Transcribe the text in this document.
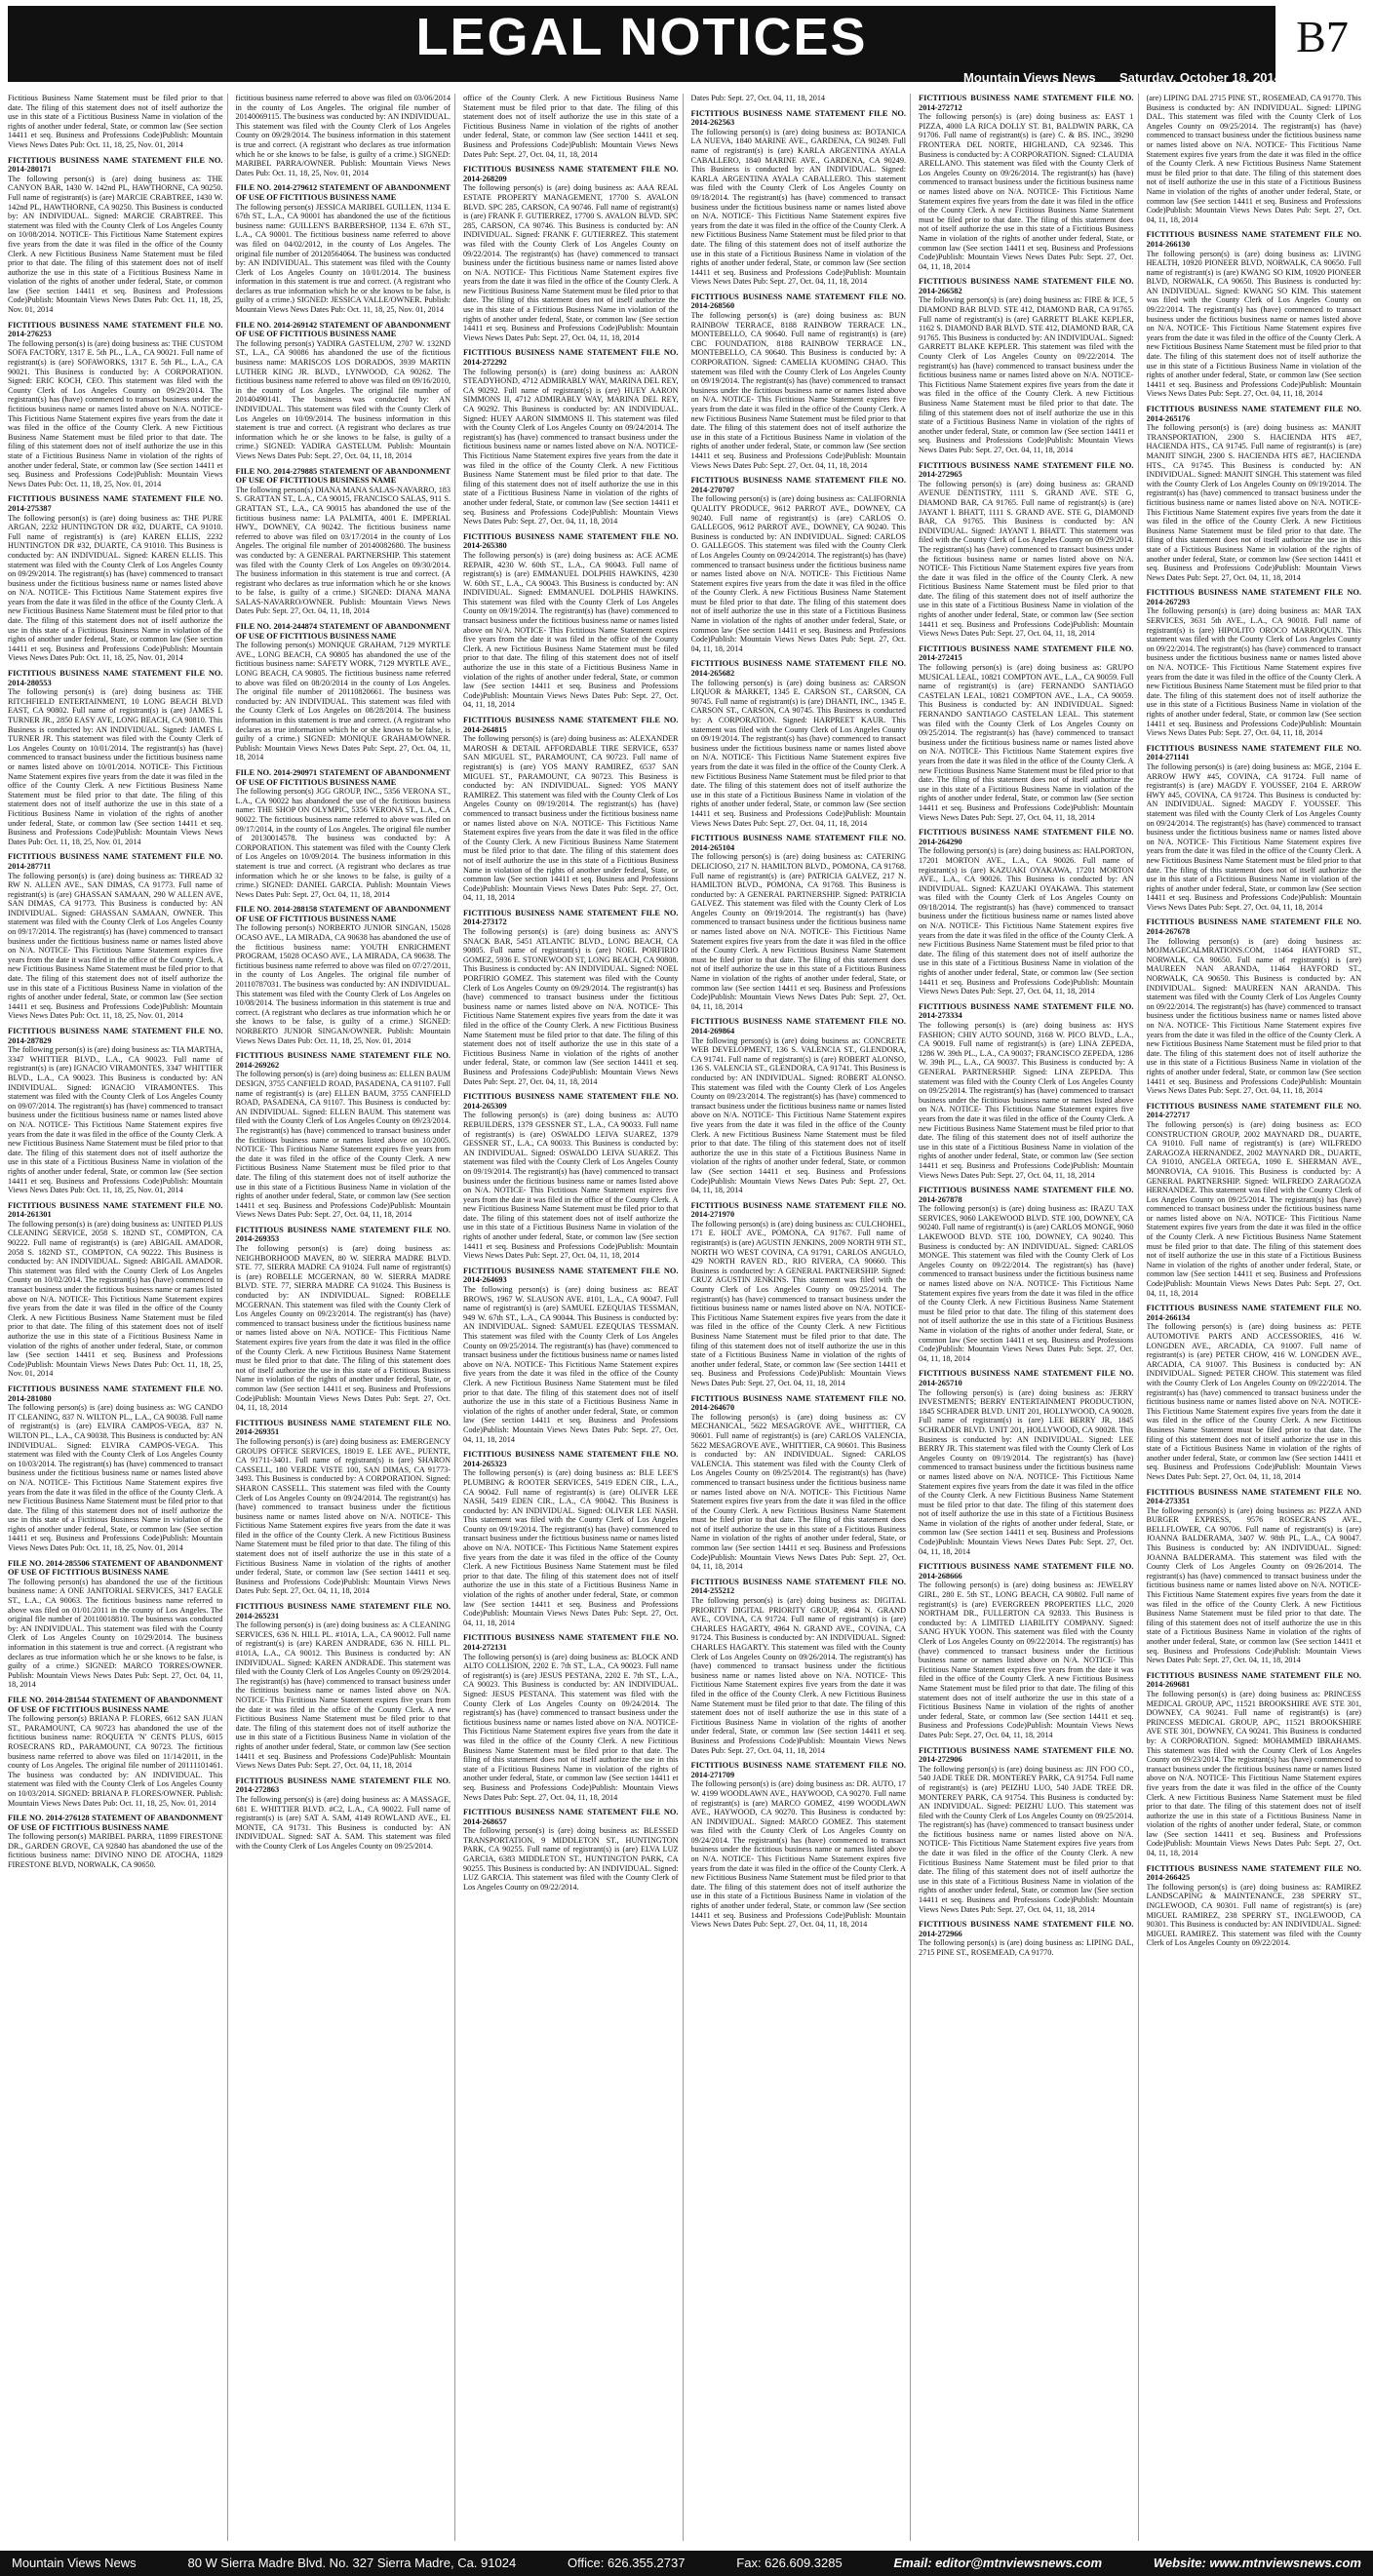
LEGAL NOTICES	B7
Mountain Views News Saturday, October 18, 2014
Fictitious Business Name Statement must be filed prior to that date. The filing of this statement does not of itself authorize the use in this state of a Fictitious Business Name in violation of the rights of another under federal, State, or common law (See section 14411 et seq. Business and Professions Code)Publish: Mountain Views News Dates Pub: Oct. 11, 18, 25, Nov. 01, 2014
FICTITIOUS BUSINESS NAME STATEMENT FILE NO. 2014-280171
The following person(s) is (are) doing business as: THE CANYON BAR, 1430 W. 142nd PL, HAWTHORNE, CA 90250. Full name of registrant(s) is (are) MARCIE CRABTREE, 1430 W. 142nd PL, HAWTHORNE, CA 90250. This Business is conducted by: AN INDIVIDUAL. Signed: MARCIE CRABTREE. This statement was filed with the County Clerk of Los Angeles County on 10/08/2014. NOTICE- This Fictitious Name Statement expires five years from the date it was filed in the office of the County Clerk. A new Fictitious Business Name Statement must be filed prior to that date. The filing of this statement does not of itself authorize the use in this state of a Fictitious Business Name in violation of the rights of another under federal, State, or common law (See section 14411 et seq. Business and Professions Code)Publish: Mountain Views News Dates Pub: Oct. 11, 18, 25, Nov. 01, 2014
FICTITIOUS BUSINESS NAME STATEMENT FILE NO. 2014-276253
The following person(s) is (are) doing business as: THE CUSTOM SOFA FACTORY, 1317 E. 5th PL., L.A., CA 90021. Full name of registrant(s) is (are) SOFAWORKS, 1317 E. 5th PL., L.A., CA 90021. This Business is conducted by: A CORPORATION. Signed: ERIC KOCH, CEO. This statement was filed with the County Clerk of Los Angeles County on 09/29/2014. The registrant(s) has (have) commenced to transact business under the fictitious business name or names listed above on N/A. NOTICE- This Fictitious Name Statement expires five years from the date it was filed in the office of the County Clerk. A new Fictitious Business Name Statement must be filed prior to that date. The filing of this statement does not of itself authorize the use in this state of a Fictitious Business Name in violation of the rights of another under federal, State, or common law (See section 14411 et seq. Business and Professions Code)Publish: Mountain Views News Dates Pub: Oct. 11, 18, 25, Nov. 01, 2014
FICTITIOUS BUSINESS NAME STATEMENT FILE NO. 2014-275387
The following person(s) is (are) doing business as: THE PURE ARGAN, 2232 HUNTINGTON DR #32, DUARTE, CA 91010. Full name of registrant(s) is (are) KAREN ELLIS, 2232 HUNTINGTON DR #32, DUARTE, CA 91010. This Business is conducted by: AN INDIVIDUAL. Signed: KAREN ELLIS. This statement was filed with the County Clerk of Los Angeles County on 09/29/2014. The registrant(s) has (have) commenced to transact business under the fictitious business name or names listed above on N/A. NOTICE- This Fictitious Name Statement expires five years from the date it was filed in the office of the County Clerk. A new Fictitious Business Name Statement must be filed prior to that date. The filing of this statement does not of itself authorize the use in this state of a Fictitious Business Name in violation of the rights of another under federal, State, or common law (See section 14411 et seq. Business and Professions Code)Publish: Mountain Views News Dates Pub: Oct. 11, 18, 25, Nov. 01, 2014
FICTITIOUS BUSINESS NAME STATEMENT FILE NO. 2014-280553
The following person(s) is (are) doing business as: THE RITCHFIELD ENTERTAINMENT, 10 LONG BEACH BLVD EAST, CA 90802. Full name of registrant(s) is (are) JAMES L TURNER JR., 2850 EASY AVE, LONG BEACH, CA 90810. This Business is conducted by: AN INDIVIDUAL. Signed: JAMES L TURNER JR. This statement was filed with the County Clerk of Los Angeles County on 10/01/2014. The registrant(s) has (have) commenced to transact business under the fictitious business name or names listed above on 10/01/2014. NOTICE- This Fictitious Name Statement expires five years from the date it was filed in the office of the County Clerk. A new Fictitious Business Name Statement must be filed prior to that date. The filing of this statement does not of itself authorize the use in this state of a Fictitious Business Name in violation of the rights of another under federal, State, or common law (See section 14411 et seq. Business and Professions Code)Publish: Mountain Views News Dates Pub: Oct. 11, 18, 25, Nov. 01, 2014
FICTITIOUS BUSINESS NAME STATEMENT FILE NO. 2014-287711
The following person(s) is (are) doing business as: THREAD 32 RW N. ALLEN AVE., SAN DIMAS, CA 91773. Full name of registrant(s) is (are) GHASSAN SAMAAN, 290 W ALLEN AVE, SAN DIMAS, CA 91773. This Business is conducted by: AN INDIVIDUAL. Signed: GHASSAN SAMAAN, OWNER. This statement was filed with the County Clerk of Los Angeles County on 09/17/2014. The registrant(s) has (have) commenced to transact business under the fictitious business name or names listed above on N/A. NOTICE- This Fictitious Name Statement expires five years from the date it was filed in the office of the County Clerk. A new Fictitious Business Name Statement must be filed prior to that date. The filing of this statement does not of itself authorize the use in this state of a Fictitious Business Name in violation of the rights of another under federal, State, or common law (See section 14411 et seq. Business and Professions Code)Publish: Mountain Views News Dates Pub: Oct. 11, 18, 25, Nov. 01, 2014
FICTITIOUS BUSINESS NAME STATEMENT FILE NO. 2014-287829
The following person(s) is (are) doing business as: TIA MARTHA, 3347 WHITTIER BLVD., L.A., CA 90023. Full name of registrant(s) is (are) IGNACIO VIRAMONTES, 3347 WHITTIER BLVD., L.A., CA 90023. This Business is conducted by: AN INDIVIDUAL. Signed: IGNACIO VIRAMONTES. This statement was filed with the County Clerk of Los Angeles County on 09/07/2014. The registrant(s) has (have) commenced to transact business under the fictitious business name or names listed above on N/A. NOTICE- This Fictitious Name Statement expires five years from the date it was filed in the office of the County Clerk. A new Fictitious Business Name Statement must be filed prior to that date. The filing of this statement does not of itself authorize the use in this state of a Fictitious Business Name in violation of the rights of another under federal, State, or common law (See section 14411 et seq. Business and Professions Code)Publish: Mountain Views News Dates Pub: Oct. 11, 18, 25, Nov. 01, 2014
FICTITIOUS BUSINESS NAME STATEMENT FILE NO. 2014-261301
The following person(s) is (are) doing business as: UNITED PLUS CLEANING SERVICE, 2058 S. 182ND ST., COMPTON, CA 90222. Full name of registrant(s) is (are) ABIGAIL AMADOR, 2058 S. 182ND ST., COMPTON, CA 90222. This Business is conducted by: AN INDIVIDUAL. Signed: ABIGAIL AMADOR. This statement was filed with the County Clerk of Los Angeles County on 10/02/2014. The registrant(s) has (have) commenced to transact business under the fictitious business name or names listed above on N/A. NOTICE- This Fictitious Name Statement expires five years from the date it was filed in the office of the County Clerk. A new Fictitious Business Name Statement must be filed prior to that date. The filing of this statement does not of itself authorize the use in this state of a Fictitious Business Name in violation of the rights of another under federal, State, or common law (See section 14411 et seq. Business and Professions Code)Publish: Mountain Views News Dates Pub: Oct. 11, 18, 25, Nov. 01, 2014
FICTITIOUS BUSINESS NAME STATEMENT FILE NO. 2014-281080
The following person(s) is (are) doing business as: WG CANDO IT CLEANING, 837 N. WILTON PL., L.A., CA 90038. Full name of registrant(s) is (are) ELVIRA CAMPOS-VEGA, 837 N. WILTON PL., L.A., CA 90038. This Business is conducted by: AN INDIVIDUAL. Signed: ELVIRA CAMPOS-VEGA. This statement was filed with the County Clerk of Los Angeles County on 10/03/2014. The registrant(s) has (have) commenced to transact business under the fictitious business name or names listed above on N/A. NOTICE- This Fictitious Name Statement expires five years from the date it was filed in the office of the County Clerk. A new Fictitious Business Name Statement must be filed prior to that date. The filing of this statement does not of itself authorize the use in this state of a Fictitious Business Name in violation of the rights of another under federal, State, or common law (See section 14411 et seq. Business and Professions Code)Publish: Mountain Views News Dates Pub: Oct. 11, 18, 25, Nov. 01, 2014
FILE NO. 2014-285506 STATEMENT OF ABANDONMENT OF USE OF FICTITIOUS BUSINESS NAME
The following person(s) has abandoned the use of the fictitious business name: A ONE JANITORIAL SERVICES, 3417 EAGLE ST., L.A., CA 90063. The fictitious business name referred to above was filed on 01/01/2011 in the county of Los Angeles. The original file number of 20110018810. The business was conducted by: AN INDIVIDUAL. This statement was filed with the County Clerk of Los Angeles County on 10/29/2014. The business information in this statement is true and correct. (A registrant who declares as true information which he or she knows to be false, is guilty of a crime.) SIGNED: MARCO TORRES/OWNER. Publish: Mountain Views News Dates Pub: Sept. 27, Oct. 04, 11, 18, 2014
FILE NO. 2014-281544 STATEMENT OF ABANDONMENT OF USE OF FICTITIOUS BUSINESS NAME
The following person(s) BRIANA P. FLORES, 6612 SAN JUAN ST., PARAMOUNT, CA 90723 has abandoned the use of the fictitious business name: ROQUETA 'N' CENTS PLUS, 6015 ROSECRANS RD., PARAMOUNT, CA 90723. The fictitious business name referred to above was filed on 11/14/2011, in the county of Los Angeles. The original file number of 20111101461. The business was conducted by: AN INDIVIDUAL. This statement was filed with the County Clerk of Los Angeles County on 10/03/2014. SIGNED: BRIANA P. FLORES/OWNER. Publish: Mountain Views News Dates Pub: Oct. 11, 18, 25, Nov. 01, 2014
FILE NO. 2014-276128 STATEMENT OF ABANDONMENT OF USE OF FICTITIOUS BUSINESS NAME
The following person(s) MARIBEL PARRA, 11899 FIRESTONE DR., GARDEN GROVE, CA 92840 has abandoned the use of the fictitious business name: DIVINO NINO DE ATOCHA, 11829 FIRESTONE BLVD, NORWALK, CA 90650.
fictitious business name referred to above was filed on 03/06/2014 in the county of Los Angeles. The original file number of 20140069115. The business was conducted by: AN INDIVIDUAL. This statement was filed with the County Clerk of Los Angeles County on 09/29/2014. The business information in this statement is true and correct. (A registrant who declares as true information which he or she knows to be false, is guilty of a crime.) SIGNED: MARIBEL PARRA/OWNER. Publish: Mountain Views News Dates Pub: Oct. 11, 18, 25, Nov. 01, 2014
FILE NO. 2014-279612 STATEMENT OF ABANDONMENT OF USE OF FICTITIOUS BUSINESS NAME
The following person(s) JESSICA MARIBEL GUILLEN, 1134 E. 67th ST., L.A., CA 90001 has abandoned the use of the fictitious business name: GUILLEN'S BARBERSHOP, 1134 E. 67th ST., L.A., CA 90001. The fictitious business name referred to above was filed on 04/02/2012, in the county of Los Angeles. The original file number of 20120564064. The business was conducted by: AN INDIVIDUAL. This statement was filed with the County Clerk of Los Angeles County on 10/01/2014. The business information in this statement is true and correct. (A registrant who declares as true information which he or she knows to be false, is guilty of a crime.) SIGNED: JESSICA VALLE/OWNER. Publish: Mountain Views News Dates Pub: Oct. 11, 18, 25, Nov. 01, 2014
FILE NO. 2014-269142 STATEMENT OF ABANDONMENT OF USE OF FICTITIOUS BUSINESS NAME
The following person(s) YADIRA GASTELUM, 2707 W. 132ND ST., L.A., CA 90086 has abandoned the use of the fictitious business name: MARISCOS LOS DORADOS, 3939 MARTIN LUTHER KING JR. BLVD., LYNWOOD, CA 90262. The fictitious business name referred to above was filed on 09/16/2010, in the county of Los Angeles. The original file number of 20140490141. The business was conducted by: AN INDIVIDUAL. This statement was filed with the County Clerk of Los Angeles on 10/09/2014. The business information in this statement is true and correct. (A registrant who declares as true information which he or she knows to be false, is guilty of a crime.) SIGNED: YADIRA GASTELUM. Publish: Mountain Views News Dates Pub: Sept. 27, Oct. 04, 11, 18, 2014
FILE NO. 2014-279885 STATEMENT OF ABANDONMENT OF USE OF FICTITIOUS BUSINESS NAME
The following person(s) DIANA MANA SALAS-NAVARRO, 183 S. GRATTAN ST., L.A., CA 90015, FRANCISCO SALAS, 911 S. GRATTAN ST., L.A., CA 90015 has abandoned the use of the fictitious business name: LA PALMITA, 4001 E. IMPERIAL HWY., DOWNEY, CA 90242. The fictitious business name referred to above was filed on 03/17/2014 in the county of Los Angeles. The original file number of 20140082680. The business was conducted by: A GENERAL PARTNERSHIP. This statement was filed with the County Clerk of Los Angeles on 09/30/2014. The business information in this statement is true and correct. (A registrant who declares as true information which he or she knows to be false, is guilty of a crime.) SIGNED: DIANA MANA SALAS-NAVARRO/OWNER. Publish: Mountain Views News Dates Pub: Sept. 27, Oct. 04, 11, 18, 2014
FILE NO. 2014-244874 STATEMENT OF ABANDONMENT OF USE OF FICTITIOUS BUSINESS NAME
The following person(s) MONIQUE GRAHAM, 7129 MYRTLE AVE., LONG BEACH, CA 90805 has abandoned the use of the fictitious business name: SAFETY WORK, 7129 MYRTLE AVE., LONG BEACH, CA 90805. The fictitious business name referred to above was filed on 08/20/2014 in the county of Los Angeles. The original file number of 20110820661. The business was conducted by: AN INDIVIDUAL. This statement was filed with the County Clerk of Los Angeles on 08/28/2014. The business information in this statement is true and correct. (A registrant who declares as true information which he or she knows to be false, is guilty of a crime.) SIGNED: MONIQUE GRAHAM/OWNER. Publish: Mountain Views News Dates Pub: Sept. 27, Oct. 04, 11, 18, 2014
FILE NO. 2014-290971 STATEMENT OF ABANDONMENT OF USE OF FICTITIOUS BUSINESS NAME
The following person(s) JGG GROUP, INC., 5356 VERONA ST., L.A., CA 90022 has abandoned the use of the fictitious business name: THE SHOP ON OLYMPIC, 5356 VERONA ST., L.A., CA 90022. The fictitious business name referred to above was filed on 09/17/2014, in the county of Los Angeles. The original file number of 20130014578. The business was conducted by: A CORPORATION. This statement was filed with the County Clerk of Los Angeles on 10/09/2014. The business information in this statement is true and correct. (A registrant who declares as true information which he or she knows to be false, is guilty of a crime.) SIGNED: DANIEL GARCIA. Publish: Mountain Views News Dates Pub: Sept. 27, Oct. 04, 11, 18, 2014
FILE NO. 2014-288158 STATEMENT OF ABANDONMENT OF USE OF FICTITIOUS BUSINESS NAME
The following person(s) NORBERTO JUNIOR SINGAN, 15028 OCASO AVE., LA MIRADA, CA 90638 has abandoned the use of the fictitious business name: YOUTH ENRICHMENT PROGRAM, 15028 OCASO AVE., LA MIRADA, CA 90638. The fictitious business name referred to above was filed on 07/27/2011, in the county of Los Angeles. The original file number of 20110787031. The business was conducted by: AN INDIVIDUAL. This statement was filed with the County Clerk of Los Angeles on 10/08/2014. The business information in this statement is true and correct. (A registrant who declares as true information which he or she knows to be false, is guilty of a crime.) SIGNED: NORBERTO JUNIOR SINGAN/OWNER. Publish: Mountain Views News Dates Pub: Oct. 11, 18, 25, Nov. 01, 2014
FICTITIOUS BUSINESS NAME STATEMENT FILE NO. 2014-269262
The following person(s) is (are) doing business as: ELLEN BAUM DESIGN, 3755 CANFIELD ROAD, PASADENA, CA 91107. Full name of registrant(s) is (are) ELLEN BAUM, 3755 CANFIELD ROAD, PASADENA, CA 91107. This Business is conducted by: AN INDIVIDUAL. Signed: ELLEN BAUM. This statement was filed with the County Clerk of Los Angeles County on 09/23/2014. The registrant(s) has (have) commenced to transact business under the fictitious business name or names listed above on 10/2005. NOTICE- This Fictitious Name Statement expires five years from the date it was filed in the office of the County Clerk. A new Fictitious Business Name Statement must be filed prior to that date. The filing of this statement does not of itself authorize the use in this state of a Fictitious Business Name in violation of the rights of another under federal, State, or common law (See section 14411 et seq. Business and Professions Code)Publish: Mountain Views News Dates Pub: Sept. 27, Oct. 04, 11, 18, 2014
FICTITIOUS BUSINESS NAME STATEMENT FILE NO. 2014-269353
The following person(s) is (are) doing business as: NEIGHBORHOOD MAVEN, 80 W. SIERRA MADRE BLVD. STE. 77, SIERRA MADRE CA 91024. Full name of registrant(s) is (are) ROBELLE MCGERNAN, 80 W. SIERRA MADRE BLVD. STE. 77, SIERRA MADRE CA 91024. This Business is conducted by: AN INDIVIDUAL. Signed: ROBELLE MCGERNAN. This statement was filed with the County Clerk of Los Angeles County on 09/23/2014. The registrant(s) has (have) commenced to transact business under the fictitious business name or names listed above on N/A. NOTICE- This Fictitious Name Statement expires five years from the date it was filed in the office of the County Clerk. A new Fictitious Business Name Statement must be filed prior to that date. The filing of this statement does not of itself authorize the use in this state of a Fictitious Business Name in violation of the rights of another under federal, State, or common law (See section 14411 et seq. Business and Professions Code)Publish: Mountain Views News Dates Pub: Sept. 27, Oct. 04, 11, 18, 2014
FICTITIOUS BUSINESS NAME STATEMENT FILE NO. 2014-269351
The following person(s) is (are) doing business as: EMERGENCY GROUPS OFFICE SERVICES, 18019 E. LEE AVE., PUENTE, CA 91711-3401. Full name of registrant(s) is (are) SHARON CASSELL, 180 VERDE VISTE 100, SAN DIMAS, CA 91773-3493. This Business is conducted by: A CORPORATION. Signed: SHARON CASSELL. This statement was filed with the County Clerk of Los Angeles County on 09/24/2014. The registrant(s) has (have) commenced to transact business under the fictitious business name or names listed above on N/A. NOTICE- This Fictitious Name Statement expires five years from the date it was filed in the office of the County Clerk. A new Fictitious Business Name Statement must be filed prior to that date. The filing of this statement does not of itself authorize the use in this state of a Fictitious Business Name in violation of the rights of another under federal, State, or common law (See section 14411 et seq. Business and Professions Code)Publish: Mountain Views News Dates Pub: Sept. 27, Oct. 04, 11, 18, 2014
FICTITIOUS BUSINESS NAME STATEMENT FILE NO. 2014-265231
The following person(s) is (are) doing business as: A CLEANING SERVICES, 636 N. HILL PL. #101A, L.A., CA 90012. Full name of registrant(s) is (are) KAREN ANDRADE, 636 N. HILL PL. #101A, L.A., CA 90012. This Business is conducted by: AN INDIVIDUAL. Signed: KAREN ANDRADE. This statement was filed with the County Clerk of Los Angeles County on 09/29/2014. The registrant(s) has (have) commenced to transact business under the fictitious business name or names listed above on N/A. NOTICE- This Fictitious Name Statement expires five years from the date it was filed in the office of the County Clerk. A new Fictitious Business Name Statement must be filed prior to that date. The filing of this statement does not of itself authorize the use in this state of a Fictitious Business Name in violation of the rights of another under federal, State, or common law (See section 14411 et seq. Business and Professions Code)Publish: Mountain Views News Dates Pub: Sept. 27, Oct. 04, 11, 18, 2014
FICTITIOUS BUSINESS NAME STATEMENT FILE NO. 2014-272863
The following person(s) is (are) doing business as: A MASSAGE, 681 E. WHITTIER BLVD. #C2, L.A., CA 90022. Full name of registrant(s) is (are) SAT A. SAM, 4149 ROWLAND AVE., EL MONTE, CA 91731. This Business is conducted by: AN INDIVIDUAL. Signed: SAT A. SAM. This statement was filed with the County Clerk of Los Angeles County on 09/25/2014.
office of the County Clerk. A new Fictitious Business Name Statement must be filed prior to that date. The filing of this statement does not of itself authorize the use in this state of a Fictitious Business Name in violation of the rights of another under federal, State, or common law (See section 14411 et seq. Business and Professions Code)Publish: Mountain Views News Dates Pub: Sept. 27, Oct. 04, 11, 18, 2014
FICTITIOUS BUSINESS NAME STATEMENT FILE NO. 2014-268209
The following person(s) is (are) doing business as: AAA REAL ESTATE PROPERTY MANAGEMENT, 17700 S. AVALON BLVD. SPC 285, CARSON, CA 90746. Full name of registrant(s) is (are) FRANK F. GUTIERREZ, 17700 S. AVALON BLVD. SPC 285, CARSON, CA 90746. This Business is conducted by: AN INDIVIDUAL. Signed: FRANK F. GUTIERREZ. This statement was filed with the County Clerk of Los Angeles County on 09/22/2014. The registrant(s) has (have) commenced to transact business under the fictitious business name or names listed above on N/A. NOTICE- This Fictitious Name Statement expires five years from the date it was filed in the office of the County Clerk. A new Fictitious Business Name Statement must be filed prior to that date. The filing of this statement does not of itself authorize the use in this state of a Fictitious Business Name in violation of the rights of another under federal, State, or common law (See section 14411 et seq. Business and Professions Code)Publish: Mountain Views News Dates Pub: Sept. 27, Oct. 04, 11, 18, 2014
FICTITIOUS BUSINESS NAME STATEMENT FILE NO. 2014-272292
The following person(s) is (are) doing business as: AARON STEADYHOND, 4712 ADMIRABLY WAY, MARINA DEL REY, CA 90292. Full name of registrant(s) is (are) HUEY AARON SIMMONS II, 4712 ADMIRABLY WAY, MARINA DEL REY, CA 90292. This Business is conducted by: AN INDIVIDUAL. Signed: HUEY AARON SIMMONS II. This statement was filed with the County Clerk of Los Angeles County on 09/24/2014. The registrant(s) has (have) commenced to transact business under the fictitious business name or names listed above on N/A. NOTICE- This Fictitious Name Statement expires five years from the date it was filed in the office of the County Clerk. A new Fictitious Business Name Statement must be filed prior to that date. The filing of this statement does not of itself authorize the use in this state of a Fictitious Business Name in violation of the rights of another under federal, State, or common law (See section 14411 et seq. Business and Professions Code)Publish: Mountain Views News Dates Pub: Sept. 27, Oct. 04, 11, 18, 2014
FICTITIOUS BUSINESS NAME STATEMENT FILE NO. 2014-265380
The following person(s) is (are) doing business as: ACE ACME REPAIR, 4230 W. 60th ST., L.A., CA 90043. Full name of registrant(s) is (are) EMMANUEL DOLPHIS HAWKINS, 4230 W. 60th ST., L.A., CA 90043. This Business is conducted by: AN INDIVIDUAL. Signed: EMMANUEL DOLPHIS HAWKINS. This statement was filed with the County Clerk of Los Angeles County on 09/19/2014. The registrant(s) has (have) commenced to transact business under the fictitious business name or names listed above on N/A. NOTICE- This Fictitious Name Statement expires five years from the date it was filed in the office of the County Clerk. A new Fictitious Business Name Statement must be filed prior to that date. The filing of this statement does not of itself authorize the use in this state of a Fictitious Business Name in violation of the rights of another under federal, State, or common law (See section 14411 et seq. Business and Professions Code)Publish: Mountain Views News Dates Pub: Sept. 27, Oct. 04, 11, 18, 2014
FICTITIOUS BUSINESS NAME STATEMENT FILE NO. 2014-264815
The following person(s) is (are) doing business as: ALEXANDER MAROSH & DETAIL AFFORDABLE TIRE SERVICE, 6537 SAN MIGUEL ST., PARAMOUNT, CA 90723. Full name of registrant(s) is (are) YOS MANY RAMIREZ, 6537 SAN MIGUEL ST., PARAMOUNT, CA 90723. This Business is conducted by: AN INDIVIDUAL. Signed: YOS MANY RAMIREZ. This statement was filed with the County Clerk of Los Angeles County on 09/19/2014. The registrant(s) has (have) commenced to transact business under the fictitious business name or names listed above on N/A. NOTICE- This Fictitious Name Statement expires five years from the date it was filed in the office of the County Clerk. A new Fictitious Business Name Statement must be filed prior to that date. The filing of this statement does not of itself authorize the use in this state of a Fictitious Business Name in violation of the rights of another under federal, State, or common law (See section 14411 et seq. Business and Professions Code)Publish: Mountain Views News Dates Pub: Sept. 27, Oct. 04, 11, 18, 2014
FICTITIOUS BUSINESS NAME STATEMENT FILE NO. 2014-273172
The following person(s) is (are) doing business as: ANY'S SNACK BAR, 5451 ATLANTIC BLVD., LONG BEACH, CA 90805. Full name of registrant(s) is (are) NOEL PORFIRIO GOMEZ, 5936 E. STONEWOOD ST, LONG BEACH, CA 90808. This Business is conducted by: AN INDIVIDUAL. Signed: NOEL PORFIRIO GOMEZ. This statement was filed with the County Clerk of Los Angeles County on 09/29/2014. The registrant(s) has (have) commenced to transact business under the fictitious business name or names listed above on N/A. NOTICE- This Fictitious Name Statement expires five years from the date it was filed in the office of the County Clerk. A new Fictitious Business Name Statement must be filed prior to that date. The filing of this statement does not of itself authorize the use in this state of a Fictitious Business Name in violation of the rights of another under federal, State, or common law (See section 14411 et seq. Business and Professions Code)Publish: Mountain Views News Dates Pub: Sept. 27, Oct. 04, 11, 18, 2014
FICTITIOUS BUSINESS NAME STATEMENT FILE NO. 2014-265309
The following person(s) is (are) doing business as: AUTO REBUILDERS, 1379 GESSNER ST., L.A., CA 90033. Full name of registrant(s) is (are) OSWALDO LEIVA SUAREZ, 1379 GESSNER ST., L.A., CA 90033. This Business is conducted by: AN INDIVIDUAL. Signed: OSWALDO LEIVA SUAREZ. This statement was filed with the County Clerk of Los Angeles County on 09/19/2014. The registrant(s) has (have) commenced to transact business under the fictitious business name or names listed above on N/A. NOTICE- This Fictitious Name Statement expires five years from the date it was filed in the office of the County Clerk. A new Fictitious Business Name Statement must be filed prior to that date. The filing of this statement does not of itself authorize the use in this state of a Fictitious Business Name in violation of the rights of another under federal, State, or common law (See section 14411 et seq. Business and Professions Code)Publish: Mountain Views News Dates Pub: Sept. 27, Oct. 04, 11, 18, 2014
FICTITIOUS BUSINESS NAME STATEMENT FILE NO. 2014-264693
The following person(s) is (are) doing business as: BEAT BROWS, 1967 W. SLAUSON AVE. #101, L.A., CA 90047. Full name of registrant(s) is (are) SAMUEL EZEQUIAS TESSMAN, 949 W. 67th ST., L.A., CA 90044. This Business is conducted by: AN INDIVIDUAL. Signed: SAMUEL EZEQUIAS TESSMAN. This statement was filed with the County Clerk of Los Angeles County on 09/25/2014. The registrant(s) has (have) commenced to transact business under the fictitious business name or names listed above on N/A. NOTICE- This Fictitious Name Statement expires five years from the date it was filed in the office of the County Clerk. A new Fictitious Business Name Statement must be filed prior to that date. The filing of this statement does not of itself authorize the use in this state of a Fictitious Business Name in violation of the rights of another under federal, State, or common law (See section 14411 et seq. Business and Professions Code)Publish: Mountain Views News Dates Pub: Sept. 27, Oct. 04, 11, 18, 2014
FICTITIOUS BUSINESS NAME STATEMENT FILE NO. 2014-265323
The following person(s) is (are) doing business as: BLE LEE'S PLUMBING & ROOTER SERVICES, 5419 EDEN CIR., L.A., CA 90042. Full name of registrant(s) is (are) OLIVER LEE NASH, 5419 EDEN CIR., L.A., CA 90042. This Business is conducted by: AN INDIVIDUAL. Signed: OLIVER LEE NASH. This statement was filed with the County Clerk of Los Angeles County on 09/19/2014. The registrant(s) has (have) commenced to transact business under the fictitious business name or names listed above on N/A. NOTICE- This Fictitious Name Statement expires five years from the date it was filed in the office of the County Clerk. A new Fictitious Business Name Statement must be filed prior to that date. The filing of this statement does not of itself authorize the use in this state of a Fictitious Business Name in violation of the rights of another under federal, State, or common law (See section 14411 et seq. Business and Professions Code)Publish: Mountain Views News Dates Pub: Sept. 27, Oct. 04, 11, 18, 2014
FICTITIOUS BUSINESS NAME STATEMENT FILE NO. 2014-272131
The following person(s) is (are) doing business as: BLOCK AND ALTO COLLISION, 2202 E. 7th ST., L.A., CA 90023. Full name of registrant(s) is (are) JESUS PESTANA, 2202 E. 7th ST., L.A., CA 90023. This Business is conducted by: AN INDIVIDUAL. Signed: JESUS PESTANA. This statement was filed with the County Clerk of Los Angeles County on 09/24/2014. The registrant(s) has (have) commenced to transact business under the fictitious business name or names listed above on N/A. NOTICE- This Fictitious Name Statement expires five years from the date it was filed in the office of the County Clerk. A new Fictitious Business Name Statement must be filed prior to that date. The filing of this statement does not of itself authorize the use in this state of a Fictitious Business Name in violation of the rights of another under federal, State, or common law (See section 14411 et seq. Business and Professions Code)Publish: Mountain Views News Dates Pub: Sept. 27, Oct. 04, 11, 18, 2014
FICTITIOUS BUSINESS NAME STATEMENT FILE NO. 2014-268657
The following person(s) is (are) doing business as: BLESSED TRANSPORTATION, 9 MIDDLETON ST., HUNTINGTON PARK, CA 90255. Full name of registrant(s) is (are) ELVA LUZ GARCIA, 6383 MIDDLETON ST., HUNTINGTON PARK, CA 90255. This Business is conducted by: AN INDIVIDUAL. Signed: LUZ GARCIA. This statement was filed with the County Clerk of Los Angeles County on 09/22/2014.
Dates Pub: Sept. 27, Oct. 04, 11, 18, 2014
FICTITIOUS BUSINESS NAME STATEMENT FILE NO. 2014-262563
The following person(s) is (are) doing business as: BOTANICA LA NUEVA, 1840 MARINE AVE., GARDENA, CA 90249. Full name of registrant(s) is (are) KARLA ARGENTINA AYALA CABALLERO, 1840 MARINE AVE., GARDENA, CA 90249. This Business is conducted by: AN INDIVIDUAL. Signed: KARLA ARGENTINA AYALA CABALLERO. This statement was filed with the County Clerk of Los Angeles County on 09/18/2014. The registrant(s) has (have) commenced to transact business under the fictitious business name or names listed above on N/A. NOTICE- This Fictitious Name Statement expires five years from the date it was filed in the office of the County Clerk. A new Fictitious Business Name Statement must be filed prior to that date. The filing of this statement does not of itself authorize the use in this state of a Fictitious Business Name in violation of the rights of another under federal, State, or common law (See section 14411 et seq. Business and Professions Code)Publish: Mountain Views News Dates Pub: Sept. 27, Oct. 04, 11, 18, 2014
FICTITIOUS BUSINESS NAME STATEMENT FILE NO. 2014-268560
The following person(s) is (are) doing business as: BUN RAINBOW TERRACE, 8188 RAINBOW TERRACE LN., MONTEBELLO, CA 90640. Full name of registrant(s) is (are) CBC FOUNDATION, 8188 RAINBOW TERRACE LN., MONTEBELLO, CA 90640. This Business is conducted by: A CORPORATION. Signed: CAMELIA KUOMING CHAO. This statement was filed with the County Clerk of Los Angeles County on 09/19/2014. The registrant(s) has (have) commenced to transact business under the fictitious business name or names listed above on N/A. NOTICE- This Fictitious Name Statement expires five years from the date it was filed in the office of the County Clerk. A new Fictitious Business Name Statement must be filed prior to that date. The filing of this statement does not of itself authorize the use in this state of a Fictitious Business Name in violation of the rights of another under federal, State, or common law (See section 14411 et seq. Business and Professions Code)Publish: Mountain Views News Dates Pub: Sept. 27, Oct. 04, 11, 18, 2014
FICTITIOUS BUSINESS NAME STATEMENT FILE NO. 2014-270707
The following person(s) is (are) doing business as: CALIFORNIA QUALITY PRODUCE, 9612 PARROT AVE., DOWNEY, CA 90240. Full name of registrant(s) is (are) CARLOS O. GALLEGOS, 9612 PARROT AVE., DOWNEY, CA 90240. This Business is conducted by: AN INDIVIDUAL. Signed: CARLOS O. GALLEGOS. This statement was filed with the County Clerk of Los Angeles County on 09/24/2014. The registrant(s) has (have) commenced to transact business under the fictitious business name or names listed above on N/A. NOTICE- This Fictitious Name Statement expires five years from the date it was filed in the office of the County Clerk. A new Fictitious Business Name Statement must be filed prior to that date. The filing of this statement does not of itself authorize the use in this state of a Fictitious Business Name in violation of the rights of another under federal, State, or common law (See section 14411 et seq. Business and Professions Code)Publish: Mountain Views News Dates Pub: Sept. 27, Oct. 04, 11, 18, 2014
FICTITIOUS BUSINESS NAME STATEMENT FILE NO. 2014-265682
The following person(s) is (are) doing business as: CARSON LIQUOR & MARKET, 1345 E. CARSON ST., CARSON, CA 90745. Full name of registrant(s) is (are) DHANTI, INC., 1345 E. CARSON ST., CARSON, CA 90745. This Business is conducted by: A CORPORATION. Signed: HARPREET KAUR. This statement was filed with the County Clerk of Los Angeles County on 09/19/2014. The registrant(s) has (have) commenced to transact business under the fictitious business name or names listed above on N/A. NOTICE- This Fictitious Name Statement expires five years from the date it was filed in the office of the County Clerk. A new Fictitious Business Name Statement must be filed prior to that date. The filing of this statement does not of itself authorize the use in this state of a Fictitious Business Name in violation of the rights of another under federal, State, or common law (See section 14411 et seq. Business and Professions Code)Publish: Mountain Views News Dates Pub: Sept. 27, Oct. 04, 11, 18, 2014
FICTITIOUS BUSINESS NAME STATEMENT FILE NO. 2014-265104
The following person(s) is (are) doing business as: CATERING DELICIOSO, 217 N. HAMILTON BLVD., POMONA, CA 91768. Full name of registrant(s) is (are) PATRICIA GALVEZ, 217 N. HAMILTON BLVD., POMONA, CA 91768. This Business is conducted by: A GENERAL PARTNERSHIP. Signed: PATRICIA GALVEZ. This statement was filed with the County Clerk of Los Angeles County on 09/19/2014. The registrant(s) has (have) commenced to transact business under the fictitious business name or names listed above on N/A. NOTICE- This Fictitious Name Statement expires five years from the date it was filed in the office of the County Clerk. A new Fictitious Business Name Statement must be filed prior to that date. The filing of this statement does not of itself authorize the use in this state of a Fictitious Business Name in violation of the rights of another under federal, State, or common law (See section 14411 et seq. Business and Professions Code)Publish: Mountain Views News Dates Pub: Sept. 27, Oct. 04, 11, 18, 2014
FICTITIOUS BUSINESS NAME STATEMENT FILE NO. 2014-269864
The following person(s) is (are) doing business as: CONCRETE WEB DEVELOPMENT, 136 S. VALENCIA ST., GLENDORA, CA 91741. Full name of registrant(s) is (are) ROBERT ALONSO, 136 S. VALENCIA ST., GLENDORA, CA 91741. This Business is conducted by: AN INDIVIDUAL. Signed: ROBERT ALONSO. This statement was filed with the County Clerk of Los Angeles County on 09/23/2014. The registrant(s) has (have) commenced to transact business under the fictitious business name or names listed above on N/A. NOTICE- This Fictitious Name Statement expires five years from the date it was filed in the office of the County Clerk. A new Fictitious Business Name Statement must be filed prior to that date. The filing of this statement does not of itself authorize the use in this state of a Fictitious Business Name in violation of the rights of another under federal, State, or common law (See section 14411 et seq. Business and Professions Code)Publish: Mountain Views News Dates Pub: Sept. 27, Oct. 04, 11, 18, 2014
FICTITIOUS BUSINESS NAME STATEMENT FILE NO. 2014-271970
The following person(s) is (are) doing business as: CULCHOHEL, 171 E. HOLT AVE., POMONA, CA 91767. Full name of registrant(s) is (are) AGUSTIN JENKINS, 2009 NORTH 9TH ST., NORTH WO WEST COVINA, CA 91791, CARLOS ANGULO, 429 NORTH RAVEN RD., RIO RIVERA, CA 90660. This Business is conducted by: A GENERAL PARTNERSHIP. Signed: CRUZ AGUSTIN JENKINS. This statement was filed with the County Clerk of Los Angeles County on 09/25/2014. The registrant(s) has (have) commenced to transact business under the fictitious business name or names listed above on N/A. NOTICE- This Fictitious Name Statement expires five years from the date it was filed in the office of the County Clerk. A new Fictitious Business Name Statement must be filed prior to that date. The filing of this statement does not of itself authorize the use in this state of a Fictitious Business Name in violation of the rights of another under federal, State, or common law (See section 14411 et seq. Business and Professions Code)Publish: Mountain Views News Dates Pub: Sept. 27, Oct. 04, 11, 18, 2014
FICTITIOUS BUSINESS NAME STATEMENT FILE NO. 2014-264670
The following person(s) is (are) doing business as: CV MECHANICAL, 5622 MESAGROVE AVE., WHITTIER, CA 90601. Full name of registrant(s) is (are) CARLOS VALENCIA, 5622 MESAGROVE AVE., WHITTIER, CA 90601. This Business is conducted by: AN INDIVIDUAL. Signed: CARLOS VALENCIA. This statement was filed with the County Clerk of Los Angeles County on 09/25/2014. The registrant(s) has (have) commenced to transact business under the fictitious business name or names listed above on N/A. NOTICE- This Fictitious Name Statement expires five years from the date it was filed in the office of the County Clerk. A new Fictitious Business Name Statement must be filed prior to that date. The filing of this statement does not of itself authorize the use in this state of a Fictitious Business Name in violation of the rights of another under federal, State, or common law (See section 14411 et seq. Business and Professions Code)Publish: Mountain Views News Dates Pub: Sept. 27, Oct. 04, 11, 18, 2014
FICTITIOUS BUSINESS NAME STATEMENT FILE NO. 2014-255212
The following person(s) is (are) doing business as: DIGITAL PRIORITY DIGITAL PRIORITY GROUP, 4964 N. GRAND AVE., COVINA, CA 91724. Full name of registrant(s) is (are) CHARLES HAGARTY, 4964 N. GRAND AVE., COVINA, CA 91724. This Business is conducted by: AN INDIVIDUAL. Signed: CHARLES HAGARTY. This statement was filed with the County Clerk of Los Angeles County on 09/26/2014. The registrant(s) has (have) commenced to transact business under the fictitious business name or names listed above on N/A. NOTICE- This Fictitious Name Statement expires five years from the date it was filed in the office of the County Clerk. A new Fictitious Business Name Statement must be filed prior to that date. The filing of this statement does not of itself authorize the use in this state of a Fictitious Business Name in violation of the rights of another under federal, State, or common law (See section 14411 et seq. Business and Professions Code)Publish: Mountain Views News Dates Pub: Sept. 27, Oct. 04, 11, 18, 2014
FICTITIOUS BUSINESS NAME STATEMENT FILE NO. 2014-271709
The following person(s) is (are) doing business as: DR. AUTO, 17 W. 4199 WOODLAWN AVE., HAYWOOD, CA 90270. Full name of registrant(s) is (are) MARCO GOMEZ, 4199 WOODLAWN AVE., HAYWOOD, CA 90270. This Business is conducted by: AN INDIVIDUAL. Signed: MARCO GOMEZ. This statement was filed with the County Clerk of Los Angeles County on 09/24/2014. The registrant(s) has (have) commenced to transact business under the fictitious business name or names listed above on N/A. NOTICE- This Fictitious Name Statement expires five years from the date it was filed in the office of the County Clerk. A new Fictitious Business Name Statement must be filed prior to that date. The filing of this statement does not of itself authorize the use in this state of a Fictitious Business Name in violation of the rights of another under federal, State, or common law (See section 14411 et seq. Business and Professions Code)Publish: Mountain Views News Dates Pub: Sept. 27, Oct. 04, 11, 18, 2014
FICTITIOUS BUSINESS NAME STATEMENT FILE NO. 2014-272712
The following person(s) is (are) doing business as: EAST 1 PIZZA, 4000 LA RICA DOLLY ST. B1, BALDWIN PARK, CA 91706. Full name of registrant(s) is (are) C. & BS. INC., 39290 FRONTERA DEL NORTE, HIGHLAND, CA 92346. This Business is conducted by: A CORPORATION. Signed: CLAUDIA ARELLANO. This statement was filed with the County Clerk of Los Angeles County on 09/26/2014. The registrant(s) has (have) commenced to transact business under the fictitious business name or names listed above on N/A. NOTICE- This Fictitious Name Statement expires five years from the date it was filed in the office of the County Clerk. A new Fictitious Business Name Statement must be filed prior to that date. The filing of this statement does not of itself authorize the use in this state of a Fictitious Business Name in violation of the rights of another under federal, State, or common law (See section 14411 et seq. Business and Professions Code)Publish: Mountain Views News Dates Pub: Sept. 27, Oct. 04, 11, 18, 2014
FICTITIOUS BUSINESS NAME STATEMENT FILE NO. 2014-266582
The following person(s) is (are) doing business as: FIRE & ICE, 5 DIAMOND BAR BLVD. STE 412, DIAMOND BAR, CA 91765. Full name of registrant(s) is (are) GARRETT BLAKE KEPLER, 1162 S. DIAMOND BAR BLVD. STE 412, DIAMOND BAR, CA 91765. This Business is conducted by: AN INDIVIDUAL. Signed: GARRETT BLAKE KEPLER. This statement was filed with the County Clerk of Los Angeles County on 09/22/2014. The registrant(s) has (have) commenced to transact business under the fictitious business name or names listed above on N/A. NOTICE- This Fictitious Name Statement expires five years from the date it was filed in the office of the County Clerk. A new Fictitious Business Name Statement must be filed prior to that date. The filing of this statement does not of itself authorize the use in this state of a Fictitious Business Name in violation of the rights of another under federal, State, or common law (See section 14411 et seq. Business and Professions Code)Publish: Mountain Views News Dates Pub: Sept. 27, Oct. 04, 11, 18, 2014
FICTITIOUS BUSINESS NAME STATEMENT FILE NO. 2014-272965
The following person(s) is (are) doing business as: GRAND AVENUE DENTISTRY, 1111 S. GRAND AVE. STE G, DIAMOND BAR, CA 91765. Full name of registrant(s) is (are) JAYANT I. BHATT, 1111 S. GRAND AVE. STE G, DIAMOND BAR, CA 91765. This Business is conducted by: AN INDIVIDUAL. Signed: JAYANT I. BHATT. This statement was filed with the County Clerk of Los Angeles County on 09/29/2014. The registrant(s) has (have) commenced to transact business under the fictitious business name or names listed above on N/A. NOTICE- This Fictitious Name Statement expires five years from the date it was filed in the office of the County Clerk. A new Fictitious Business Name Statement must be filed prior to that date. The filing of this statement does not of itself authorize the use in this state of a Fictitious Business Name in violation of the rights of another under federal, State, or common law (See section 14411 et seq. Business and Professions Code)Publish: Mountain Views News Dates Pub: Sept. 27, Oct. 04, 11, 18, 2014
FICTITIOUS BUSINESS NAME STATEMENT FILE NO. 2014-272415
The following person(s) is (are) doing business as: GRUPO MUSICAL LEAL, 10821 COMPTON AVE., L.A., CA 90059. Full name of registrant(s) is (are) FERNANDO SANTIAGO CASTELAN LEAL, 10821 COMPTON AVE., L.A., CA 90059. This Business is conducted by: AN INDIVIDUAL. Signed: FERNANDO SANTIAGO CASTELAN LEAL. This statement was filed with the County Clerk of Los Angeles County on 09/25/2014. The registrant(s) has (have) commenced to transact business under the fictitious business name or names listed above on N/A. NOTICE- This Fictitious Name Statement expires five years from the date it was filed in the office of the County Clerk. A new Fictitious Business Name Statement must be filed prior to that date. The filing of this statement does not of itself authorize the use in this state of a Fictitious Business Name in violation of the rights of another under federal, State, or common law (See section 14411 et seq. Business and Professions Code)Publish: Mountain Views News Dates Pub: Sept. 27, Oct. 04, 11, 18, 2014
FICTITIOUS BUSINESS NAME STATEMENT FILE NO. 2014-264290
The following person(s) is (are) doing business as: HALPORTON, 17201 MORTON AVE., L.A., CA 90026. Full name of registrant(s) is (are) KAZUAKI OYAKAWA, 17201 MORTON AVE., L.A., CA 90026. This Business is conducted by: AN INDIVIDUAL. Signed: KAZUAKI OYAKAWA. This statement was filed with the County Clerk of Los Angeles County on 09/18/2014. The registrant(s) has (have) commenced to transact business under the fictitious business name or names listed above on N/A. NOTICE- This Fictitious Name Statement expires five years from the date it was filed in the office of the County Clerk. A new Fictitious Business Name Statement must be filed prior to that date. The filing of this statement does not of itself authorize the use in this state of a Fictitious Business Name in violation of the rights of another under federal, State, or common law (See section 14411 et seq. Business and Professions Code)Publish: Mountain Views News Dates Pub: Sept. 27, Oct. 04, 11, 18, 2014
FICTITIOUS BUSINESS NAME STATEMENT FILE NO. 2014-273334
The following person(s) is (are) doing business as: HYS FASHION; CHIY AUTO SOUND, 3168 W. PICO BLVD., L.A., CA 90019. Full name of registrant(s) is (are) LINA ZEPEDA, 1286 W. 39th PL., L.A., CA 90037; FRANCISCO ZEPEDA, 1286 W. 39th PL., L.A., CA 90037. This Business is conducted by: A GENERAL PARTNERSHIP. Signed: LINA ZEPEDA. This statement was filed with the County Clerk of Los Angeles County on 09/25/2014. The registrant(s) has (have) commenced to transact business under the fictitious business name or names listed above on N/A. NOTICE- This Fictitious Name Statement expires five years from the date it was filed in the office of the County Clerk. A new Fictitious Business Name Statement must be filed prior to that date. The filing of this statement does not of itself authorize the use in this state of a Fictitious Business Name in violation of the rights of another under federal, State, or common law (See section 14411 et seq. Business and Professions Code)Publish: Mountain Views News Dates Pub: Sept. 27, Oct. 04, 11, 18, 2014
FICTITIOUS BUSINESS NAME STATEMENT FILE NO. 2014-267878
The following person(s) is (are) doing business as: IRAZU TAX SERVICES, 9060 LAKEWOOD BLVD. STE 100, DOWNEY, CA 90240. Full name of registrant(s) is (are) CARLOS MONGE, 9060 LAKEWOOD BLVD. STE 100, DOWNEY, CA 90240. This Business is conducted by: AN INDIVIDUAL. Signed: CARLOS MONGE. This statement was filed with the County Clerk of Los Angeles County on 09/22/2014. The registrant(s) has (have) commenced to transact business under the fictitious business name or names listed above on N/A. NOTICE- This Fictitious Name Statement expires five years from the date it was filed in the office of the County Clerk. A new Fictitious Business Name Statement must be filed prior to that date. The filing of this statement does not of itself authorize the use in this state of a Fictitious Business Name in violation of the rights of another under federal, State, or common law (See section 14411 et seq. Business and Professions Code)Publish: Mountain Views News Dates Pub: Sept. 27, Oct. 04, 11, 18, 2014
FICTITIOUS BUSINESS NAME STATEMENT FILE NO. 2014-265710
The following person(s) is (are) doing business as: JERRY INVESTMENTS; BERRY ENTERTAINMENT PRODUCTION, 1845 SCHRADER BLVD. UNIT 201, HOLLYWOOD, CA 90028. Full name of registrant(s) is (are) LEE BERRY JR, 1845 SCHRADER BLVD. UNIT 201, HOLLYWOOD, CA 90028. This Business is conducted by: AN INDIVIDUAL. Signed: LEE BERRY JR. This statement was filed with the County Clerk of Los Angeles County on 09/19/2014. The registrant(s) has (have) commenced to transact business under the fictitious business name or names listed above on N/A. NOTICE- This Fictitious Name Statement expires five years from the date it was filed in the office of the County Clerk. A new Fictitious Business Name Statement must be filed prior to that date. The filing of this statement does not of itself authorize the use in this state of a Fictitious Business Name in violation of the rights of another under federal, State, or common law (See section 14411 et seq. Business and Professions Code)Publish: Mountain Views News Dates Pub: Sept. 27, Oct. 04, 11, 18, 2014
FICTITIOUS BUSINESS NAME STATEMENT FILE NO. 2014-268666
The following person(s) is (are) doing business as: JEWELRY GIRL, 280 E. 5th ST., LONG BEACH, CA 90802. Full name of registrant(s) is (are) EVERGREEN PROPERTIES LLC, 2020 NORTHAM DR., FULLERTON CA 92833. This Business is conducted by: A LIMITED LIABILITY COMPANY. Signed: SANG HYUK YOON. This statement was filed with the County Clerk of Los Angeles County on 09/22/2014. The registrant(s) has (have) commenced to transact business under the fictitious business name or names listed above on N/A. NOTICE- This Fictitious Name Statement expires five years from the date it was filed in the office of the County Clerk. A new Fictitious Business Name Statement must be filed prior to that date. The filing of this statement does not of itself authorize the use in this state of a Fictitious Business Name in violation of the rights of another under federal, State, or common law (See section 14411 et seq. Business and Professions Code)Publish: Mountain Views News Dates Pub: Sept. 27, Oct. 04, 11, 18, 2014
FICTITIOUS BUSINESS NAME STATEMENT FILE NO. 2014-272906
The following person(s) is (are) doing business as: JIN FOO CO., 540 JADE TREE DR. MONTEREY PARK, CA 91754. Full name of registrant(s) is (are) PEIZHU LUO, 540 JADE TREE DR. MONTEREY PARK, CA 91754. This Business is conducted by: AN INDIVIDUAL. Signed: PEIZHU LUO. This statement was filed with the County Clerk of Los Angeles County on 09/25/2014. The registrant(s) has (have) commenced to transact business under the fictitious business name or names listed above on N/A. NOTICE- This Fictitious Name Statement expires five years from the date it was filed in the office of the County Clerk. A new Fictitious Business Name Statement must be filed prior to that date. The filing of this statement does not of itself authorize the use in this state of a Fictitious Business Name in violation of the rights of another under federal, State, or common law (See section 14411 et seq. Business and Professions Code)Publish: Mountain Views News Dates Pub: Sept. 27, Oct. 04, 11, 18, 2014
FICTITIOUS BUSINESS NAME STATEMENT FILE NO. 2014-272966
The following person(s) is (are) doing business as: LIPING DAL, 2715 PINE ST., ROSEMEAD, CA 91770.
(are) LIPING DAL 2715 PINE ST., ROSEMEAD, CA 91770. This Business is conducted by: AN INDIVIDUAL. Signed: LIPING DAL. This statement was filed with the County Clerk of Los Angeles County on 09/25/2014. The registrant(s) has (have) commenced to transact business under the fictitious business name or names listed above on N/A. NOTICE- This Fictitious Name Statement expires five years from the date it was filed in the office of the County Clerk. A new Fictitious Business Name Statement must be filed prior to that date. The filing of this statement does not of itself authorize the use in this state of a Fictitious Business Name in violation of the rights of another under federal, State, or common law (See section 14411 et seq. Business and Professions Code)Publish: Mountain Views News Dates Pub: Sept. 27, Oct. 04, 11, 18, 2014
FICTITIOUS BUSINESS NAME STATEMENT FILE NO. 2014-266130
The following person(s) is (are) doing business as: LIVING HEALTH, 10920 PIONEER BLVD, NORWALK, CA 90650. Full name of registrant(s) is (are) KWANG SO KIM, 10920 PIONEER BLVD, NORWALK, CA 90650. This Business is conducted by: AN INDIVIDUAL. Signed: KWANG SO KIM. This statement was filed with the County Clerk of Los Angeles County on 09/22/2014. The registrant(s) has (have) commenced to transact business under the fictitious business name or names listed above on N/A. NOTICE- This Fictitious Name Statement expires five years from the date it was filed in the office of the County Clerk. A new Fictitious Business Name Statement must be filed prior to that date. The filing of this statement does not of itself authorize the use in this state of a Fictitious Business Name in violation of the rights of another under federal, State, or common law (See section 14411 et seq. Business and Professions Code)Publish: Mountain Views News Dates Pub: Sept. 27, Oct. 04, 11, 18, 2014
FICTITIOUS BUSINESS NAME STATEMENT FILE NO. 2014-265176
The following person(s) is (are) doing business as: MANJIT TRANSPORTATION, 2300 S. HACIENDA HTS #E7, HACIENDA HTS., CA 91745. Full name of registrant(s) is (are) MANJIT SINGH, 2300 S. HACIENDA HTS #E7, HACIENDA HTS., CA 91745. This Business is conducted by: AN INDIVIDUAL. Signed: MANJIT SINGH. This statement was filed with the County Clerk of Los Angeles County on 09/19/2014. The registrant(s) has (have) commenced to transact business under the fictitious business name or names listed above on N/A. NOTICE- This Fictitious Name Statement expires five years from the date it was filed in the office of the County Clerk. A new Fictitious Business Name Statement must be filed prior to that date. The filing of this statement does not of itself authorize the use in this state of a Fictitious Business Name in violation of the rights of another under federal, State, or common law (See section 14411 et seq. Business and Professions Code)Publish: Mountain Views News Dates Pub: Sept. 27, Oct. 04, 11, 18, 2014
FICTITIOUS BUSINESS NAME STATEMENT FILE NO. 2014-267293
The following person(s) is (are) doing business as: MAR TAX SERVICES, 3631 5th AVE., L.A., CA 90018. Full name of registrant(s) is (are) HIPOLITO OROCO MARROQUIN. This statement was filed with the County Clerk of Los Angeles County on 09/22/2014. The registrant(s) has (have) commenced to transact business under the fictitious business name or names listed above on N/A. NOTICE- This Fictitious Name Statement expires five years from the date it was filed in the office of the County Clerk. A new Fictitious Business Name Statement must be filed prior to that date. The filing of this statement does not of itself authorize the use in this state of a Fictitious Business Name in violation of the rights of another under federal, State, or common law (See section 14411 et seq. Business and Professions Code)Publish: Mountain Views News Dates Pub: Sept. 27, Oct. 04, 11, 18, 2014
FICTITIOUS BUSINESS NAME STATEMENT FILE NO. 2014-271141
The following person(s) is (are) doing business as: MGE, 2104 E. ARROW HWY #45, COVINA, CA 91724. Full name of registrant(s) is (are) MAGDY F. YOUSSEF, 2104 E. ARROW HWY #45, COVINA, CA 91724. This Business is conducted by: AN INDIVIDUAL. Signed: MAGDY F. YOUSSEF. This statement was filed with the County Clerk of Los Angeles County on 09/24/2014. The registrant(s) has (have) commenced to transact business under the fictitious business name or names listed above on N/A. NOTICE- This Fictitious Name Statement expires five years from the date it was filed in the office of the County Clerk. A new Fictitious Business Name Statement must be filed prior to that date. The filing of this statement does not of itself authorize the use in this state of a Fictitious Business Name in violation of the rights of another under federal, State, or common law (See section 14411 et seq. Business and Professions Code)Publish: Mountain Views News Dates Pub: Sept. 27, Oct. 04, 11, 18, 2014
FICTITIOUS BUSINESS NAME STATEMENT FILE NO. 2014-267678
The following person(s) is (are) doing business as: MOJMAGECALMRATIONS.COM, 11464 HAYFORD ST., NORWALK, CA 90650. Full name of registrant(s) is (are) MAUREEN NAN ARANDA, 11464 HAYFORD ST., NORWALK, CA 90650. This Business is conducted by: AN INDIVIDUAL. Signed: MAUREEN NAN ARANDA. This statement was filed with the County Clerk of Los Angeles County on 09/22/2014. The registrant(s) has (have) commenced to transact business under the fictitious business name or names listed above on N/A. NOTICE- This Fictitious Name Statement expires five years from the date it was filed in the office of the County Clerk. A new Fictitious Business Name Statement must be filed prior to that date. The filing of this statement does not of itself authorize the use in this state of a Fictitious Business Name in violation of the rights of another under federal, State, or common law (See section 14411 et seq. Business and Professions Code)Publish: Mountain Views News Dates Pub: Sept. 27, Oct. 04, 11, 18, 2014
FICTITIOUS BUSINESS NAME STATEMENT FILE NO. 2014-272717
The following person(s) is (are) doing business as: ECO CONSTRUCTION GROUP, 2002 MAYNARD DR., DUARTE, CA 91010. Full name of registrant(s) is (are) WILFREDO ZARAGOZA HERNANDEZ, 2002 MAYNARD DR., DUARTE, CA 91010, ANGELA ORTEGA, 1090 E. SHERMAN AVE., MONROVIA, CA 91016. This Business is conducted by: A GENERAL PARTNERSHIP. Signed: WILFREDO ZARAGOZA HERNANDEZ. This statement was filed with the County Clerk of Los Angeles County on 09/25/2014. The registrant(s) has (have) commenced to transact business under the fictitious business name or names listed above on N/A. NOTICE- This Fictitious Name Statement expires five years from the date it was filed in the office of the County Clerk. A new Fictitious Business Name Statement must be filed prior to that date. The filing of this statement does not of itself authorize the use in this state of a Fictitious Business Name in violation of the rights of another under federal, State, or common law (See section 14411 et seq. Business and Professions Code)Publish: Mountain Views News Dates Pub: Sept. 27, Oct. 04, 11, 18, 2014
FICTITIOUS BUSINESS NAME STATEMENT FILE NO. 2014-266134
The following person(s) is (are) doing business as: PETE AUTOMOTIVE PARTS AND ACCESSORIES, 416 W. LONGDEN AVE., ARCADIA, CA 91007. Full name of registrant(s) is (are) PETER CHOW, 416 W. LONGDEN AVE., ARCADIA, CA 91007. This Business is conducted by: AN INDIVIDUAL. Signed: PETER CHOW. This statement was filed with the County Clerk of Los Angeles County on 09/22/2014. The registrant(s) has (have) commenced to transact business under the fictitious business name or names listed above on N/A. NOTICE- This Fictitious Name Statement expires five years from the date it was filed in the office of the County Clerk. A new Fictitious Business Name Statement must be filed prior to that date. The filing of this statement does not of itself authorize the use in this state of a Fictitious Business Name in violation of the rights of another under federal, State, or common law (See section 14411 et seq. Business and Professions Code)Publish: Mountain Views News Dates Pub: Sept. 27, Oct. 04, 11, 18, 2014
FICTITIOUS BUSINESS NAME STATEMENT FILE NO. 2014-273351
The following person(s) is (are) doing business as: PIZZA AND BURGER EXPRESS, 9576 ROSECRANS AVE., BELLFLOWER, CA 90706. Full name of registrant(s) is (are) JOANNA BALDERAMA, 3407 W. 98th PL, L.A., CA 90047. This Business is conducted by: AN INDIVIDUAL. Signed: JOANNA BALDERAMA. This statement was filed with the County Clerk of Los Angeles County on 09/26/2014. The registrant(s) has (have) commenced to transact business under the fictitious business name or names listed above on N/A. NOTICE- This Fictitious Name Statement expires five years from the date it was filed in the office of the County Clerk. A new Fictitious Business Name Statement must be filed prior to that date. The filing of this statement does not of itself authorize the use in this state of a Fictitious Business Name in violation of the rights of another under federal, State, or common law (See section 14411 et seq. Business and Professions Code)Publish: Mountain Views News Dates Pub: Sept. 27, Oct. 04, 11, 18, 2014
FICTITIOUS BUSINESS NAME STATEMENT FILE NO. 2014-269681
The following person(s) is (are) doing business as: PRINCESS MEDICAL GROUP, APC, 11521 BROOKSHIRE AVE STE 301, DOWNEY, CA 90241. Full name of registrant(s) is (are) PRINCESS MEDICAL GROUP, APC, 11521 BROOKSHIRE AVE STE 301, DOWNEY, CA 90241. This Business is conducted by: A CORPORATION. Signed: MOHAMMED IBRAHAMS. This statement was filed with the County Clerk of Los Angeles County on 09/23/2014. The registrant(s) has (have) commenced to transact business under the fictitious business name or names listed above on N/A. NOTICE- This Fictitious Name Statement expires five years from the date it was filed in the office of the County Clerk. A new Fictitious Business Name Statement must be filed prior to that date. The filing of this statement does not of itself authorize the use in this state of a Fictitious Business Name in violation of the rights of another under federal, State, or common law (See section 14411 et seq. Business and Professions Code)Publish: Mountain Views News Dates Pub: Sept. 27, Oct. 04, 11, 18, 2014
FICTITIOUS BUSINESS NAME STATEMENT FILE NO. 2014-266425
The following person(s) is (are) doing business as: RAMIREZ LANDSCAPING & MAINTENANCE, 238 SPERRY ST., INGLEWOOD, CA 90301. Full name of registrant(s) is (are) MIGUEL RAMIREZ, 238 SPERRY ST., INGLEWOOD, CA 90301. This Business is conducted by: AN INDIVIDUAL. Signed: MIGUEL RAMIREZ. This statement was filed with the County Clerk of Los Angeles County on 09/22/2014.
Mountain Views News	80 W Sierra Madre Blvd. No. 327 Sierra Madre, Ca. 91024	Office: 626.355.2737	Fax: 626.609.3285	Email: editor@mtnviewsnews.com	Website: www.mtnviewsnews.com
